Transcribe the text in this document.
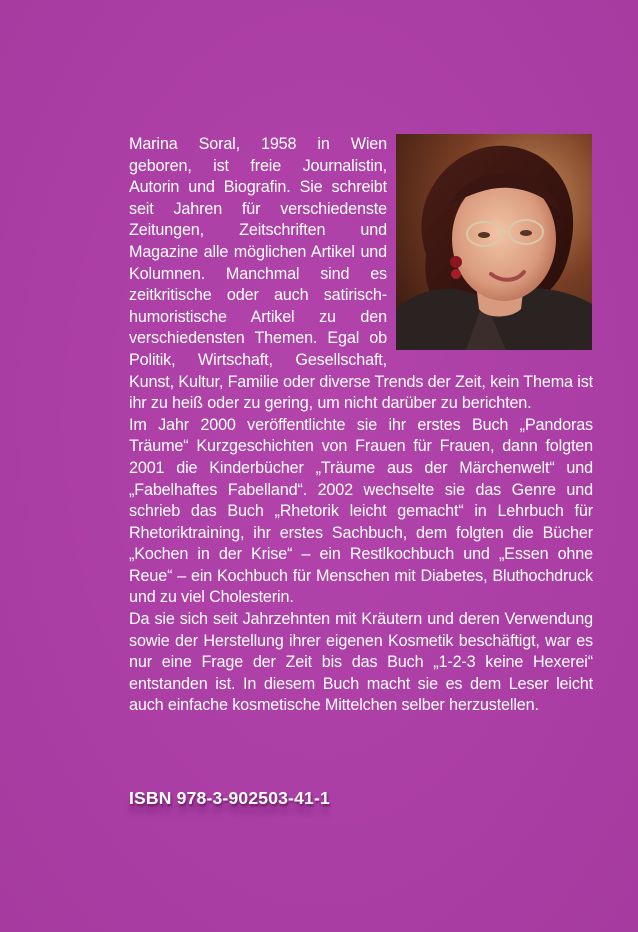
Marina Soral, 1958 in Wien geboren, ist freie Journalistin, Autorin und Biografin. Sie schreibt seit Jahren für verschiedenste Zeitungen, Zeitschriften und Magazine alle möglichen Artikel und Kolumnen. Manchmal sind es zeitkritische oder auch satirisch-humoristische Artikel zu den verschiedensten Themen. Egal ob Politik, Wirtschaft, Gesellschaft, Kunst, Kultur, Familie oder diverse Trends der Zeit, kein Thema ist ihr zu heiß oder zu gering, um nicht darüber zu berichten.

Im Jahr 2000 veröffentlichte sie ihr erstes Buch „Pandoras Träume“ Kurzgeschichten von Frauen für Frauen, dann folgten 2001 die Kinderbücher „Träume aus der Märchenwelt“ und „Fabelhaftes Fabelland“. 2002 wechselte sie das Genre und schrieb das Buch „Rhetorik leicht gemacht“ in Lehrbuch für Rhetoriktraining, ihr erstes Sachbuch, dem folgten die Bücher „Kochen in der Krise“ – ein Restlkochbuch und „Essen ohne Reue“ – ein Kochbuch für Menschen mit Diabetes, Bluthochdruck und zu viel Cholesterin.

Da sie sich seit Jahrzehnten mit Kräutern und deren Verwendung sowie der Herstellung ihrer eigenen Kosmetik beschäftigt, war es nur eine Frage der Zeit bis das Buch „1-2-3 keine Hexerei“ entstanden ist. In diesem Buch macht sie es dem Leser leicht auch einfache kosmetische Mittelchen selber herzustellen.

ISBN 978-3-902503-41-1
